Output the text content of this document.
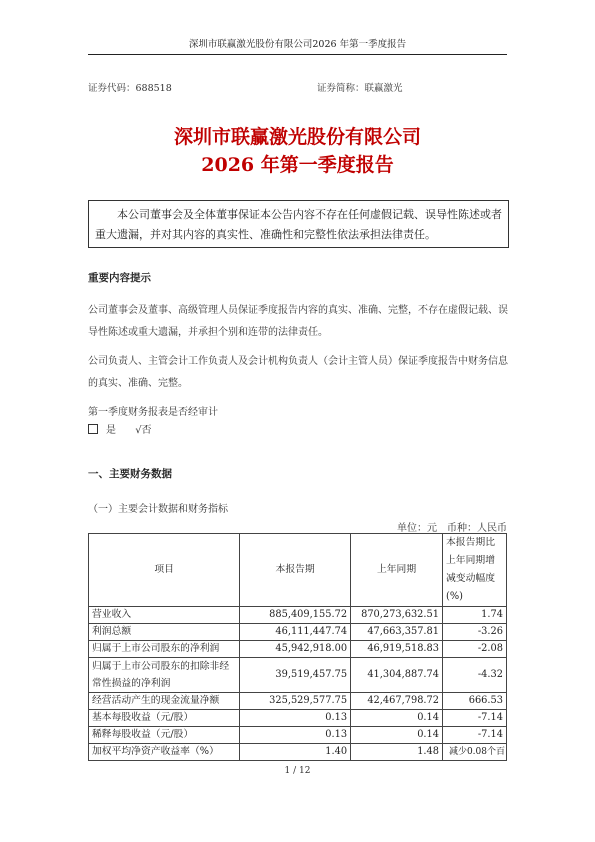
深圳市联赢激光股份有限公司2026 年第一季度报告
证券代码：688518	证券简称：联赢激光
深圳市联赢激光股份有限公司
2026 年第一季度报告

本公司董事会及全体董事保证本公告内容不存在任何虚假记载、误导性陈述或者重大遗漏，并对其内容的真实性、准确性和完整性依法承担法律责任。

重要内容提示

公司董事会及董事、高级管理人员保证季度报告内容的真实、准确、完整，不存在虚假记载、误导性陈述或重大遗漏，并承担个别和连带的法律责任。

公司负责人、主管会计工作负责人及会计机构负责人（会计主管人员）保证季度报告中财务信息的真实、准确、完整。

第一季度财务报表是否经审计
是 √否
一、主要财务数据
（一）主要会计数据和财务指标
单位：元　币种：人民币
项目	本报告期	上年同期	本报告期比上年同期增减变动幅度(%)
营业收入	885,409,155.72	870,273,632.51	1.74
利润总额	46,111,447.74	47,663,357.81	-3.26
归属于上市公司股东的净利润	45,942,918.00	46,919,518.83	-2.08
归属于上市公司股东的扣除非经常性损益的净利润	39,519,457.75	41,304,887.74	-4.32
经营活动产生的现金流量净额	325,529,577.75	42,467,798.72	666.53
基本每股收益（元/股）	0.13	0.14	-7.14
稀释每股收益（元/股）	0.13	0.14	-7.14
加权平均净资产收益率（%）	1.40	1.48	减少0.08个百
1 / 12
